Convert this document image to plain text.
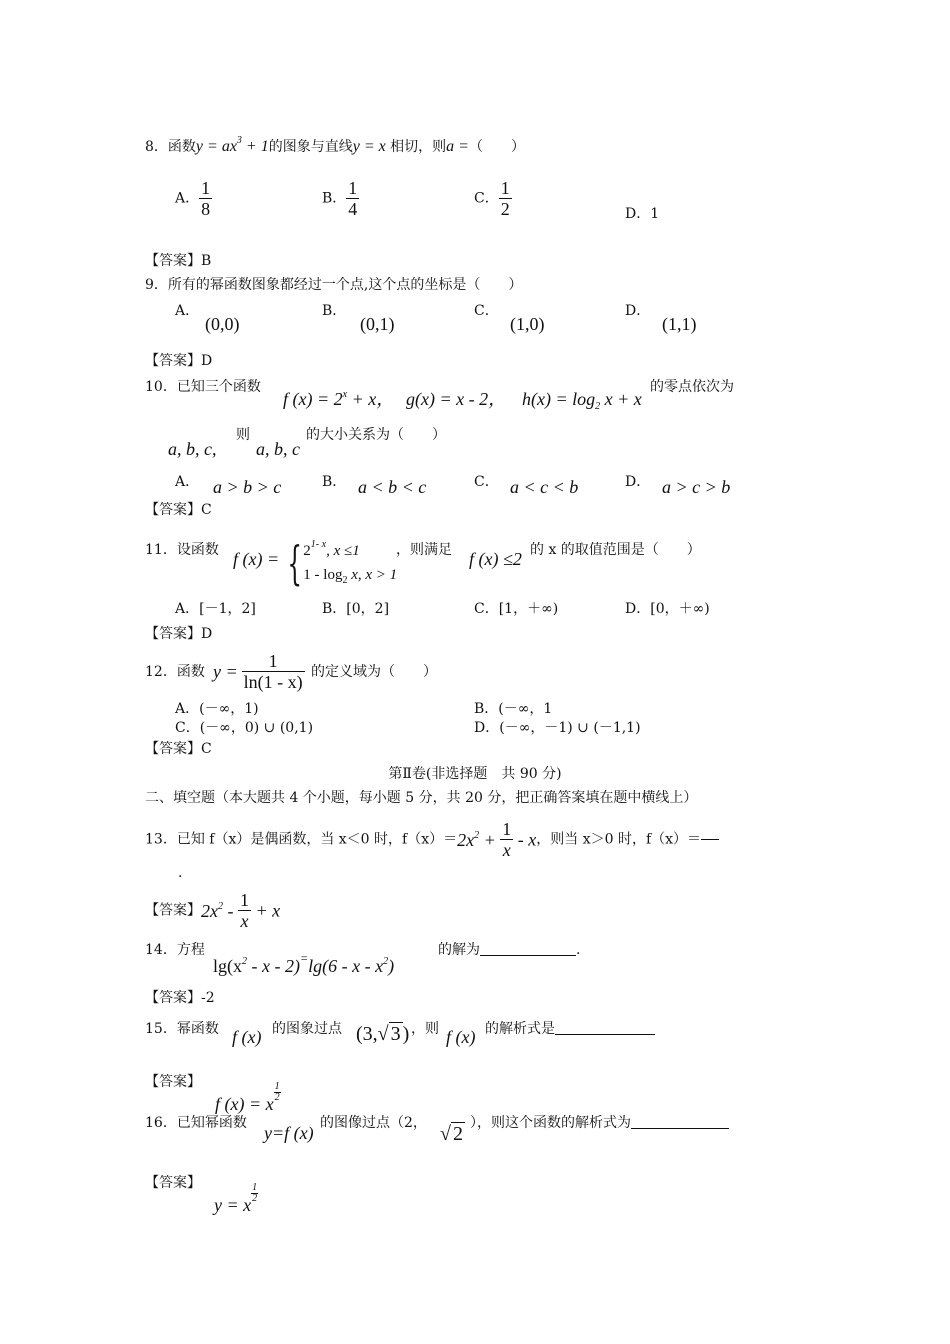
8．函数$y = ax^3 + 1$的图象与直线y = x 相切，则a =（　　）
A． $\frac{1}{8}$	B． $\frac{1}{4}$	C． $\frac{1}{2}$	D．1
【答案】B
9．所有的幂函数图象都经过一个点,这个点的坐标是（　　）
A．
(0,0)
B．
(0,1)
C．
(1,0)
D．
(1,1)
【答案】D
10．已知三个函数
f $(x) = 2^x + x$， g(x) = x - 2， $h(x) = \log_2 x + x$
的零点依次为
a, b, c,
则
a, b, c
的大小关系为（　　）
A． a > b > c	B． a < b < c	C． a < c < b	D． a > c > b
【答案】C
11．设函数 f (x) = { 2$^{1- x}$, x ≤1
$1 - \log_2 x$, x > 1
，则满足 f (x) ≤2 的 x 的取值范围是（　　）
A．[－1，2]	B．[0，2]	C．[1，＋∞)	D．[0，＋∞)
【答案】D
12．函数 $y = \frac{1}{\ln(1 - x)}$ 的定义域为（　　）
A．(－∞，1)	B．(－∞，1
C．(－∞，0) ∪ (0,1)	D．(－∞，－1) ∪ (－1,1)
【答案】C
第Ⅱ卷(非选择题　共 90 分)
二、填空题（本大题共 4 个小题，每小题 5 分，共 20 分，把正确答案填在题中横线上）
13．已知 f（x）是偶函数，当 x＜0 时，$f(x)=2x^2 + \frac{1}{x} - x$，则当 x＞0 时，f（x）＝
.
【答案】$2x^2 - \frac{1}{x} + x$
14．方程
$\lg(x^2$ - x - 2)=lg(6 - x - $x^2$)
的解为	.
【答案】-2
15．幂函数 f (x) 的图象过点 (3,√ 3 ) ，则 f (x) 的解析式是
【答案】
f (x) = x
$\frac{1}{2}$
16．已知幂函数 y=f (x) 的图像过点（2， √ 2 ），则这个函数的解析式为
【答案】
y = x
$\frac{1}{2}$
